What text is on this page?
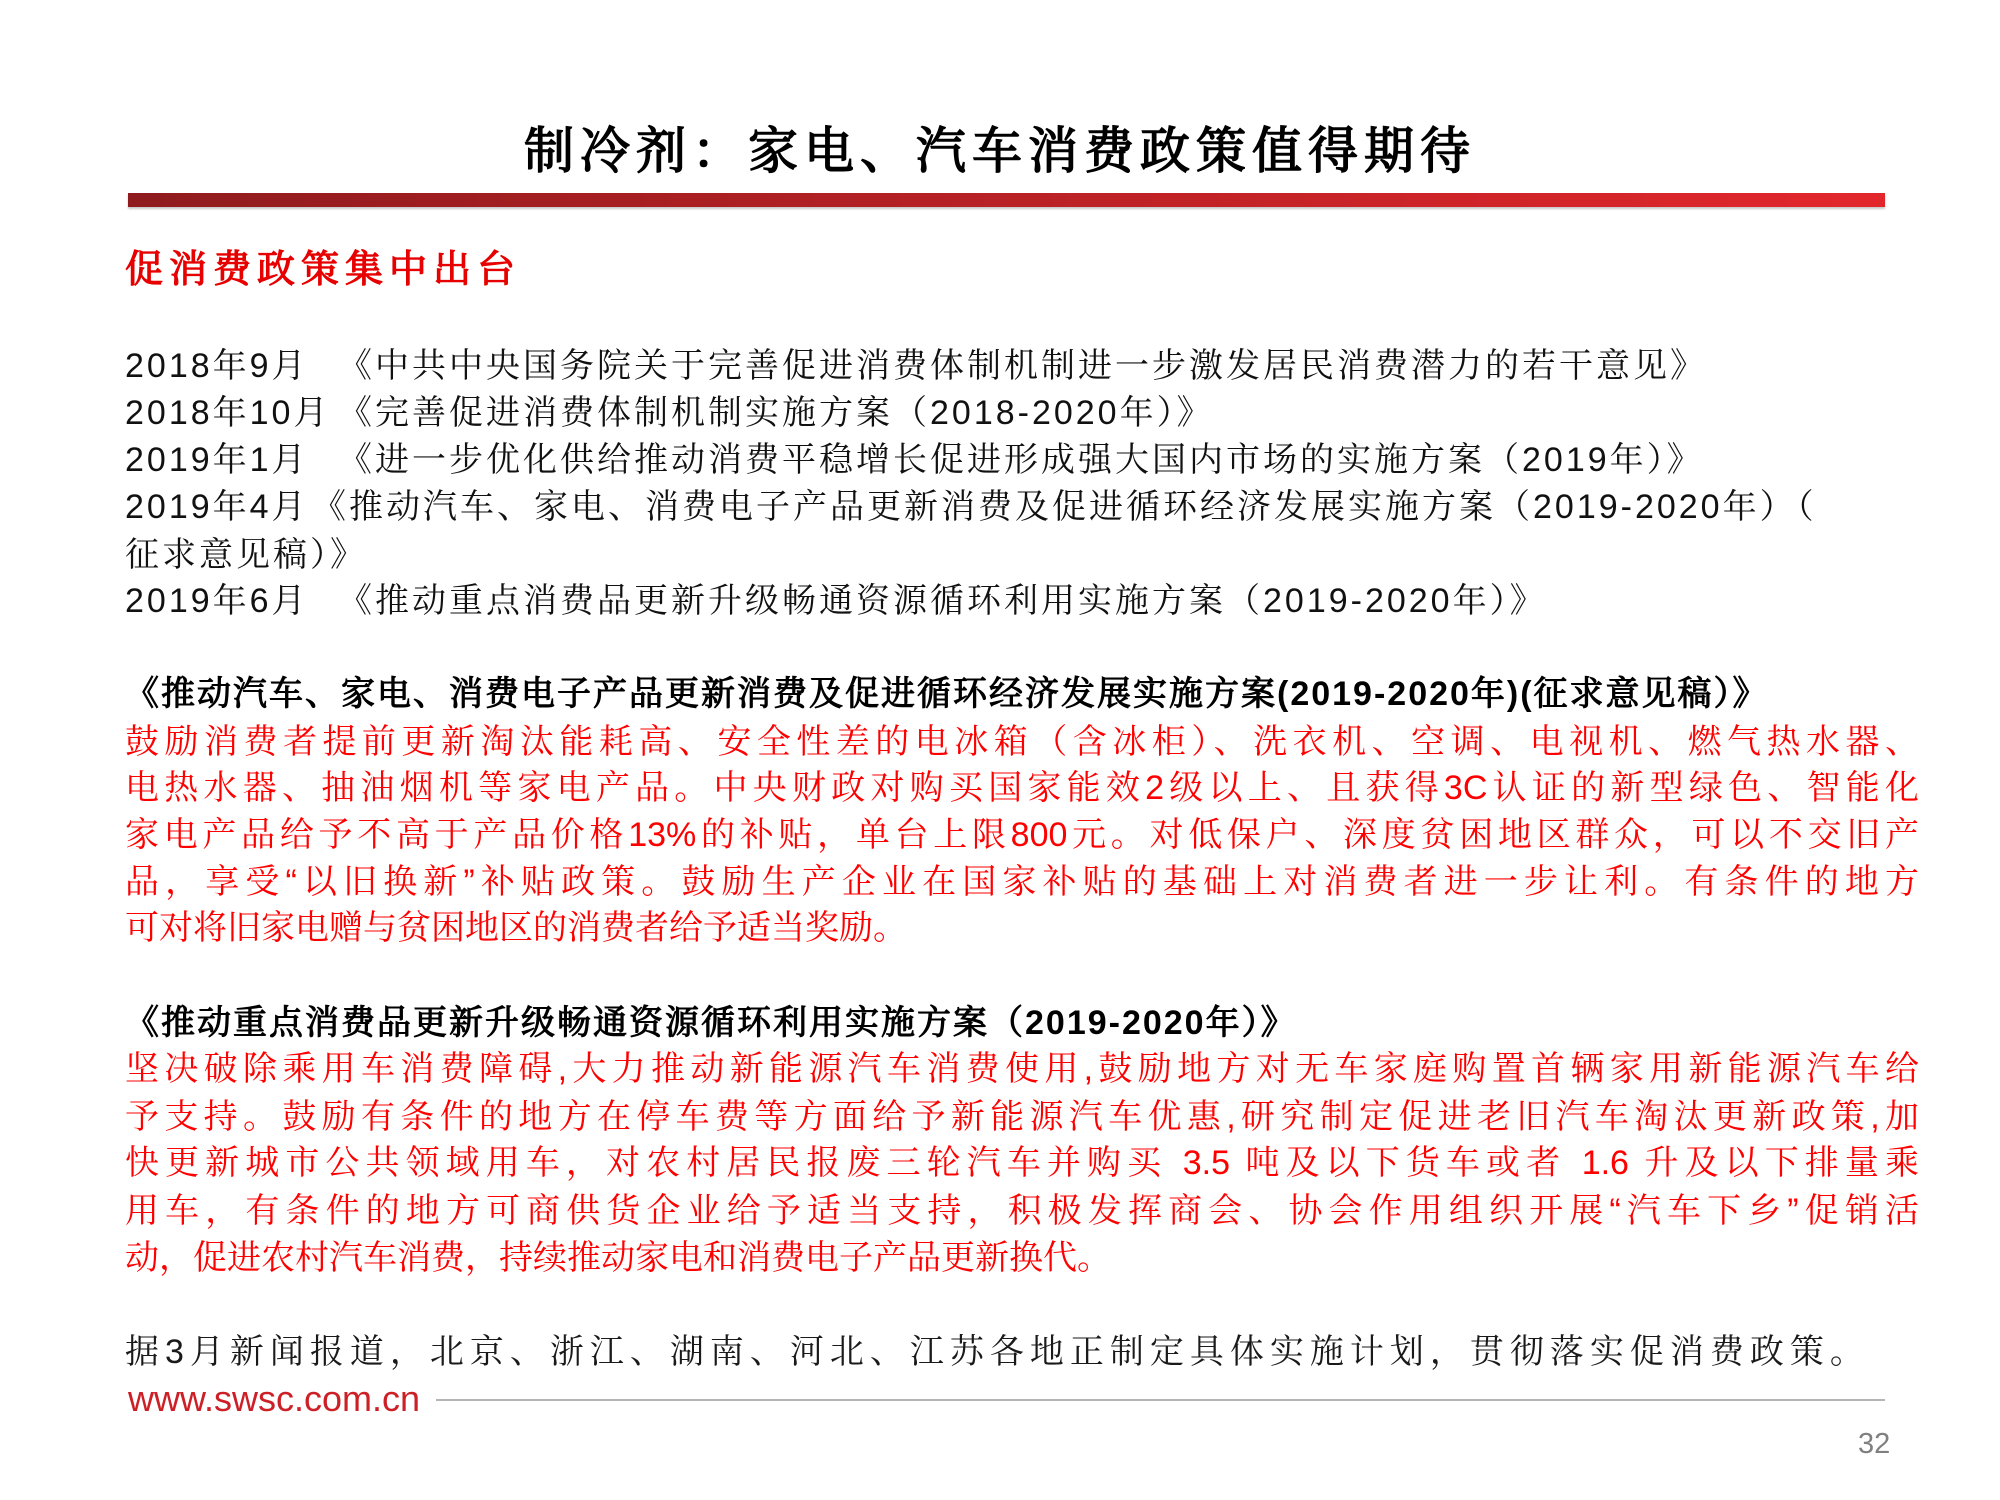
制冷剂：家电、汽车消费政策值得期待
促消费政策集中出台
2018年9月 《中共中央国务院关于完善促进消费体制机制进一步激发居民消费潜力的若干意见》
2018年10月 《完善促进消费体制机制实施方案（2018-2020年）》
2019年1月 《进一步优化供给推动消费平稳增长促进形成强大国内市场的实施方案（2019年）》
2019年4月 《推动汽车、家电、消费电子产品更新消费及促进循环经济发展实施方案（2019-2020年）（
征求意见稿）》
2019年6月 《推动重点消费品更新升级畅通资源循环利用实施方案（2019-2020年）》
《推动汽车、家电、消费电子产品更新消费及促进循环经济发展实施方案(2019-2020年)(征求意见稿）》
鼓励消费者提前更新淘汰能耗高、安全性差的电冰箱（含冰柜）、洗衣机、空调、电视机、燃气热水器、
电热水器、抽油烟机等家电产品。中央财政对购买国家能效2级以上、且获得3C认证的新型绿色、智能化
家电产品给予不高于产品价格13%的补贴，单台上限800元。对低保户、深度贫困地区群众，可以不交旧产
品，享受“以旧换新”补贴政策。鼓励生产企业在国家补贴的基础上对消费者进一步让利。有条件的地方
可对将旧家电赠与贫困地区的消费者给予适当奖励。
《推动重点消费品更新升级畅通资源循环利用实施方案（2019-2020年）》
坚决破除乘用车消费障碍,大力推动新能源汽车消费使用,鼓励地方对无车家庭购置首辆家用新能源汽车给
予支持。鼓励有条件的地方在停车费等方面给予新能源汽车优惠,研究制定促进老旧汽车淘汰更新政策,加
快更新城市公共领域用车，对农村居民报废三轮汽车并购买 3.5 吨及以下货车或者 1.6 升及以下排量乘
用车，有条件的地方可商供货企业给予适当支持，积极发挥商会、协会作用组织开展“汽车下乡”促销活
动，促进农村汽车消费，持续推动家电和消费电子产品更新换代。
据3月新闻报道，北京、浙江、湖南、河北、江苏各地正制定具体实施计划，贯彻落实促消费政策。
www.swsc.com.cn
32
